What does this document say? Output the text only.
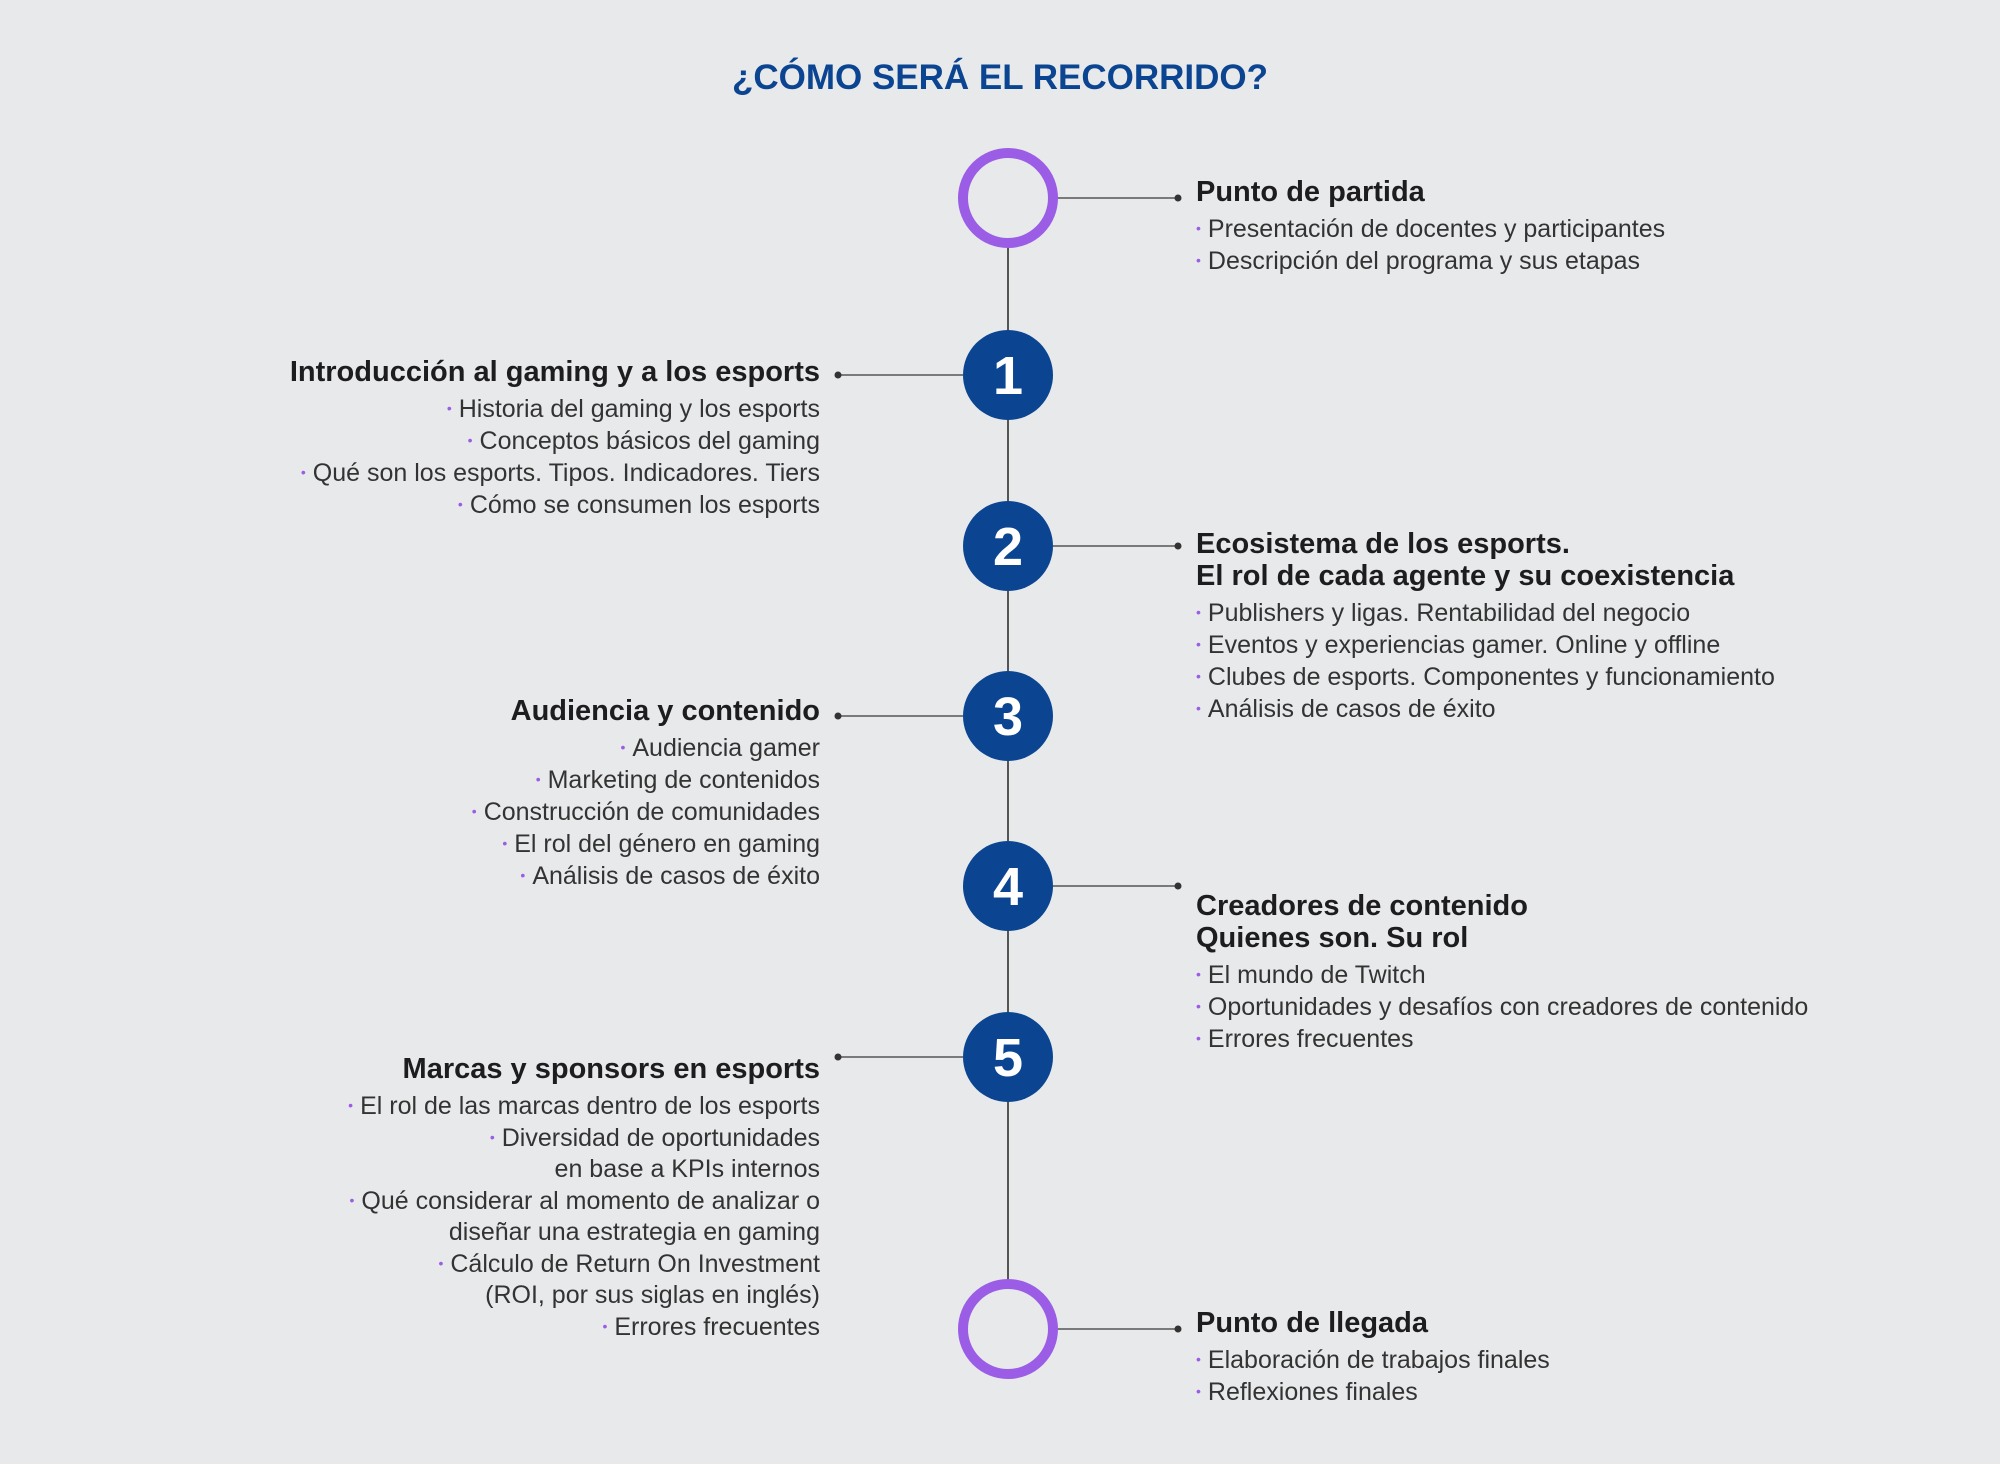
¿CÓMO SERÁ EL RECORRIDO?
1
2
3
4
5
Punto de partida
• Presentación de docentes y participantes
• Descripción del programa y sus etapas
Introducción al gaming y a los esports
• Historia del gaming y los esports
• Conceptos básicos del gaming
• Qué son los esports. Tipos. Indicadores. Tiers
• Cómo se consumen los esports
Ecosistema de los esports.
El rol de cada agente y su coexistencia
• Publishers y ligas. Rentabilidad del negocio
• Eventos y experiencias gamer. Online y offline
• Clubes de esports. Componentes y funcionamiento
• Análisis de casos de éxito
Audiencia y contenido
• Audiencia gamer
• Marketing de contenidos
• Construcción de comunidades
• El rol del género en gaming
• Análisis de casos de éxito
Creadores de contenido
Quienes son. Su rol
• El mundo de Twitch
• Oportunidades y desafíos con creadores de contenido
• Errores frecuentes
Marcas y sponsors en esports
• El rol de las marcas dentro de los esports
• Diversidad de oportunidades
en base a KPIs internos
• Qué considerar al momento de analizar o
diseñar una estrategia en gaming
• Cálculo de Return On Investment
(ROI, por sus siglas en inglés)
• Errores frecuentes	Punto de llegada
• Elaboración de trabajos finales
• Reflexiones finales
